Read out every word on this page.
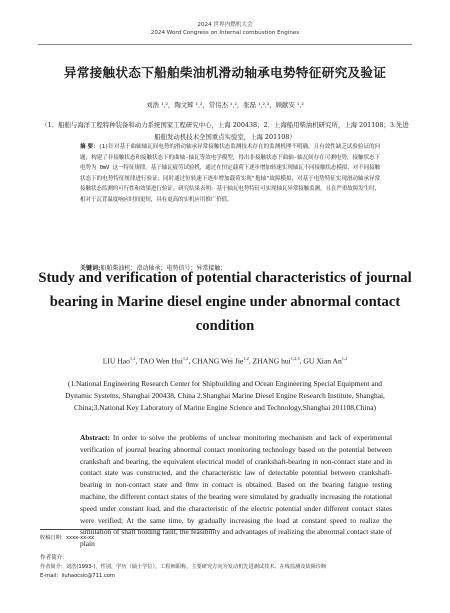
2024 世界内燃机大会
2024 Word Congress on Internal combustion Engines
异常接触状态下船舶柴油机滑动轴承电势特征研究及验证
刘浩 ¹ˌ²，陶文辉 ¹ˌ²，常伟杰 ¹ˌ²，张磊 ¹ˌ²ˌ³，顾献安 ¹ˌ²
（1．船舶与海洋工程特种装备和动力系统国家工程研究中心，上海 200438；2．上海船用柴油机研究所，上海 201108；3.先进船舶发动机技术全国重点实验室，上海 201108）
摘 要：(1)针对基于曲轴轴瓦间电势的滑动轴承异常接触状态监测技术存在的监测机理不明确，且有效性缺乏试验验证的问题，构建了非接触状态和接触状态下的曲轴-轴瓦等效电学模型，得出非接触状态下曲轴-轴瓦间存在可测电势，接触状态下电势为 0mV 这一特征规律。基于轴瓦疲劳试验机，通过在恒定载荷下逐步增加转速实现轴瓦不同接触状态模拟，对不同接触状态下的电势特征规律进行验证；同时通过恒转速下逐步增加载荷实现"抱轴"故障模拟，对基于电势特征实现滑动轴承异常接触状态监测的可行性和效果进行验证。研究结果表明：基于轴瓦电势特征可实现轴瓦异常接触监测，且在严重故障发生时，相对于瓦背温度响应时间更短，具有更高的实机应用推广价值。
关键词:船舶柴油机；滑动轴承；电势信号；异常接触；
Study and verification of potential characteristics of journal bearing in Marine diesel engine under abnormal contact condition
LIU Hao$^{1,2}$, TAO Wen Hui$^{1,2}$, CHANG Wei Jie$^{1,2}$, ZHANG hui$^{1,2,3}$, GU Xian An$^{1,2}$
(1.National Engineering Research Center for Shipbuilding and Ocean Engineering Special Equipment and Dynamic Systems, Shanghai 200438, China 2.Shanghai Marine Diesel Engine Research Institute, Shanghai, China;3.National Key Laboratory of Marine Engine Science and Technology,Shanghai 201108,China)
Abstract: In order to solve the problems of unclear monitoring mechanism and lack of experimental verification of journal bearing abnormal contact monitoring technology based on the potential between crankshaft and bearing, the equivalent electrical model of crankshaft-bearing in non-contact state and in contact state was constructed, and the characteristic law of detectable potential between crankshaft-bearing in non-contact state and 0mv in contact is obtained. Based on the bearing fatigue testing machine, the different contact states of the bearing were simulated by gradually increasing the rotational speed under constant load, and the characteristic of the electric potential under different contact states were verified; At the same time, by gradually increasing the load at constant speed to realize the simulation of shaft holding fault, the feasibility and advantages of realizing the abnormal contact state of plain
收稿日期：xxxx-xx-xx
作者简介：
作者简介：刘浩(1993-)，性别，学历（硕士学位），工程师职称，主要研究方向为发动机先进测试技术、在线监测及故障诊断
E-mail：liuhaocsic@711.com
